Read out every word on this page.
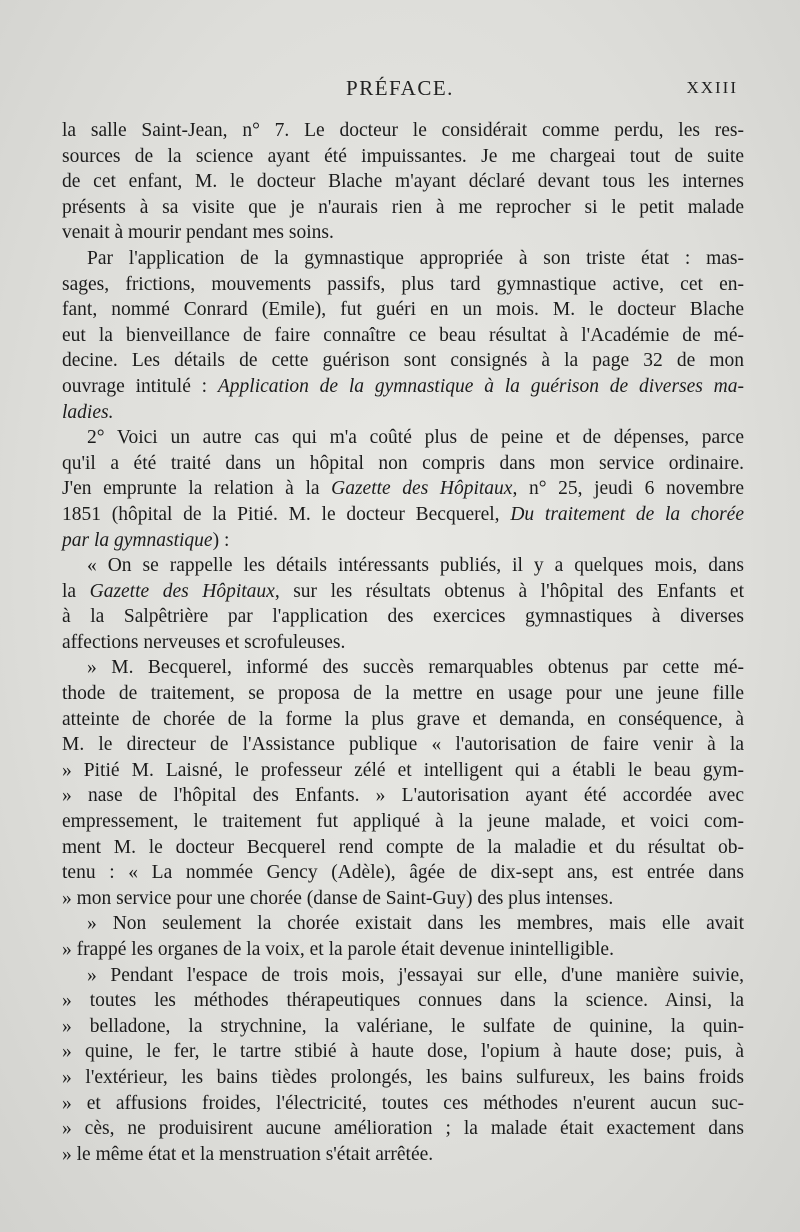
PRÉFACE.	XXIII

la salle Saint-Jean, n° 7. Le docteur le considérait comme perdu, les res-
sources de la science ayant été impuissantes. Je me chargeai tout de suite
de cet enfant, M. le docteur Blache m'ayant déclaré devant tous les internes
présents à sa visite que je n'aurais rien à me reprocher si le petit malade
venait à mourir pendant mes soins.

Par l'application de la gymnastique appropriée à son triste état : mas-
sages, frictions, mouvements passifs, plus tard gymnastique active, cet en-
fant, nommé Conrard (Emile), fut guéri en un mois. M. le docteur Blache
eut la bienveillance de faire connaître ce beau résultat à l'Académie de mé-
decine. Les détails de cette guérison sont consignés à la page 32 de mon
ouvrage intitulé : Application de la gymnastique à la guérison de diverses ma-
ladies.

2° Voici un autre cas qui m'a coûté plus de peine et de dépenses, parce
qu'il a été traité dans un hôpital non compris dans mon service ordinaire.
J'en emprunte la relation à la Gazette des Hôpitaux, n° 25, jeudi 6 novembre
1851 (hôpital de la Pitié. M. le docteur Becquerel, Du traitement de la chorée
par la gymnastique) :

« On se rappelle les détails intéressants publiés, il y a quelques mois, dans
la Gazette des Hôpitaux, sur les résultats obtenus à l'hôpital des Enfants et
à la Salpêtrière par l'application des exercices gymnastiques à diverses
affections nerveuses et scrofuleuses.

» M. Becquerel, informé des succès remarquables obtenus par cette mé-
thode de traitement, se proposa de la mettre en usage pour une jeune fille
atteinte de chorée de la forme la plus grave et demanda, en conséquence, à
M. le directeur de l'Assistance publique « l'autorisation de faire venir à la
» Pitié M. Laisné, le professeur zélé et intelligent qui a établi le beau gym-
» nase de l'hôpital des Enfants. » L'autorisation ayant été accordée avec
empressement, le traitement fut appliqué à la jeune malade, et voici com-
ment M. le docteur Becquerel rend compte de la maladie et du résultat ob-
tenu : « La nommée Gency (Adèle), âgée de dix-sept ans, est entrée dans
» mon service pour une chorée (danse de Saint-Guy) des plus intenses.

» Non seulement la chorée existait dans les membres, mais elle avait
» frappé les organes de la voix, et la parole était devenue inintelligible.

» Pendant l'espace de trois mois, j'essayai sur elle, d'une manière suivie,
» toutes les méthodes thérapeutiques connues dans la science. Ainsi, la
» belladone, la strychnine, la valériane, le sulfate de quinine, la quin-
» quine, le fer, le tartre stibié à haute dose, l'opium à haute dose; puis, à
» l'extérieur, les bains tièdes prolongés, les bains sulfureux, les bains froids
» et affusions froides, l'électricité, toutes ces méthodes n'eurent aucun suc-
» cès, ne produisirent aucune amélioration ; la malade était exactement dans
» le même état et la menstruation s'était arrêtée.
